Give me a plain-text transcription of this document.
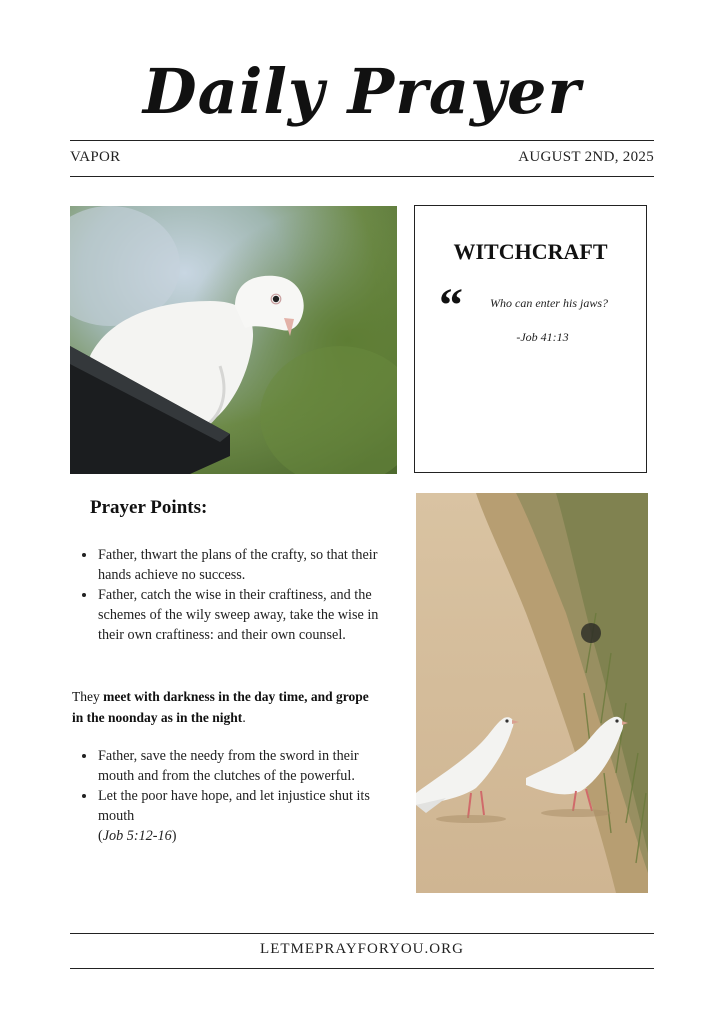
Daily Prayer
VAPOR	AUGUST 2ND, 2025
WITCHCRAFT
“ Who can enter his jaws?
-Job 41:13
Prayer Points:
• Father, thwart the plans of the crafty, so that their hands achieve no success.
• Father, catch the wise in their craftiness, and the schemes of the wily sweep away, take the wise in their own craftiness: and their own counsel.
They meet with darkness in the day time, and grope in the noonday as in the night.
• Father, save the needy from the sword in their mouth and from the clutches of the powerful.
• Let the poor have hope, and let injustice shut its mouth
(Job 5:12-16)
LETMEPRAYFORYOU.ORG
